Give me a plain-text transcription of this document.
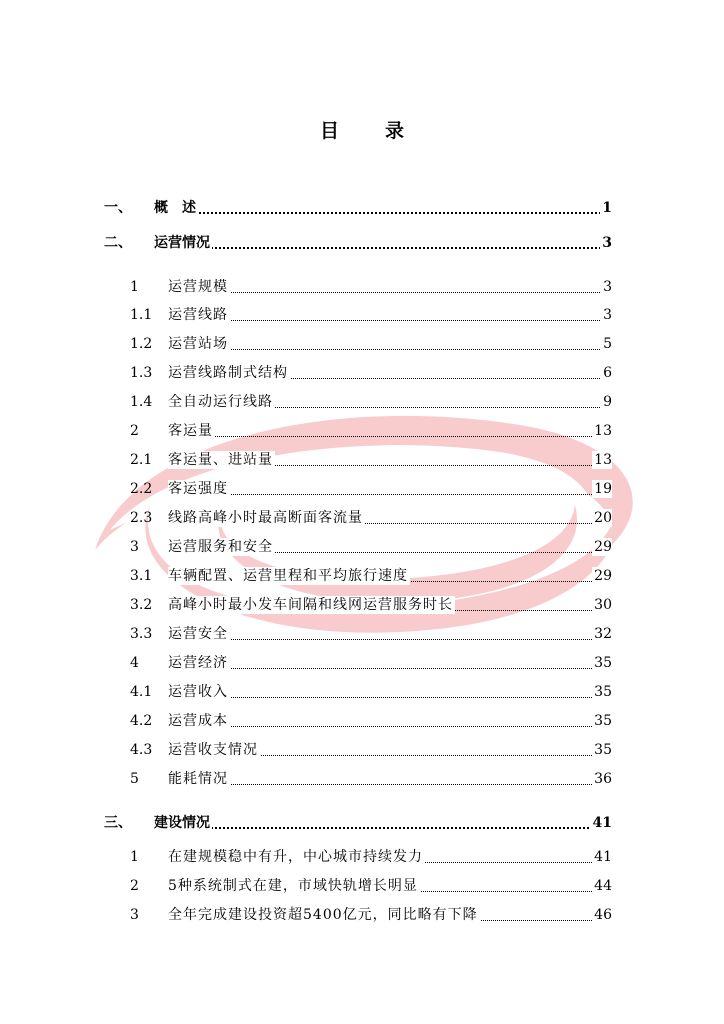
目 录
一、 概　述	1
二、 运营情况	3
1 运营规模	3
1.1 运营线路	3
1.2 运营站场	5
1.3 运营线路制式结构	6
1.4 全自动运行线路	9
2 客运量	13
2.1 客运量、进站量	13
2.2 客运强度	19
2.3 线路高峰小时最高断面客流量	20
3 运营服务和安全	29
3.1 车辆配置、运营里程和平均旅行速度	29
3.2 高峰小时最小发车间隔和线网运营服务时长	30
3.3 运营安全	32
4 运营经济	35
4.1 运营收入	35
4.2 运营成本	35
4.3 运营收支情况	35
5 能耗情况	36
三、 建设情况	41
1 在建规模稳中有升，中心城市持续发力	41
2 5种系统制式在建，市域快轨增长明显	44
3 全年完成建设投资超5400亿元，同比略有下降	46
